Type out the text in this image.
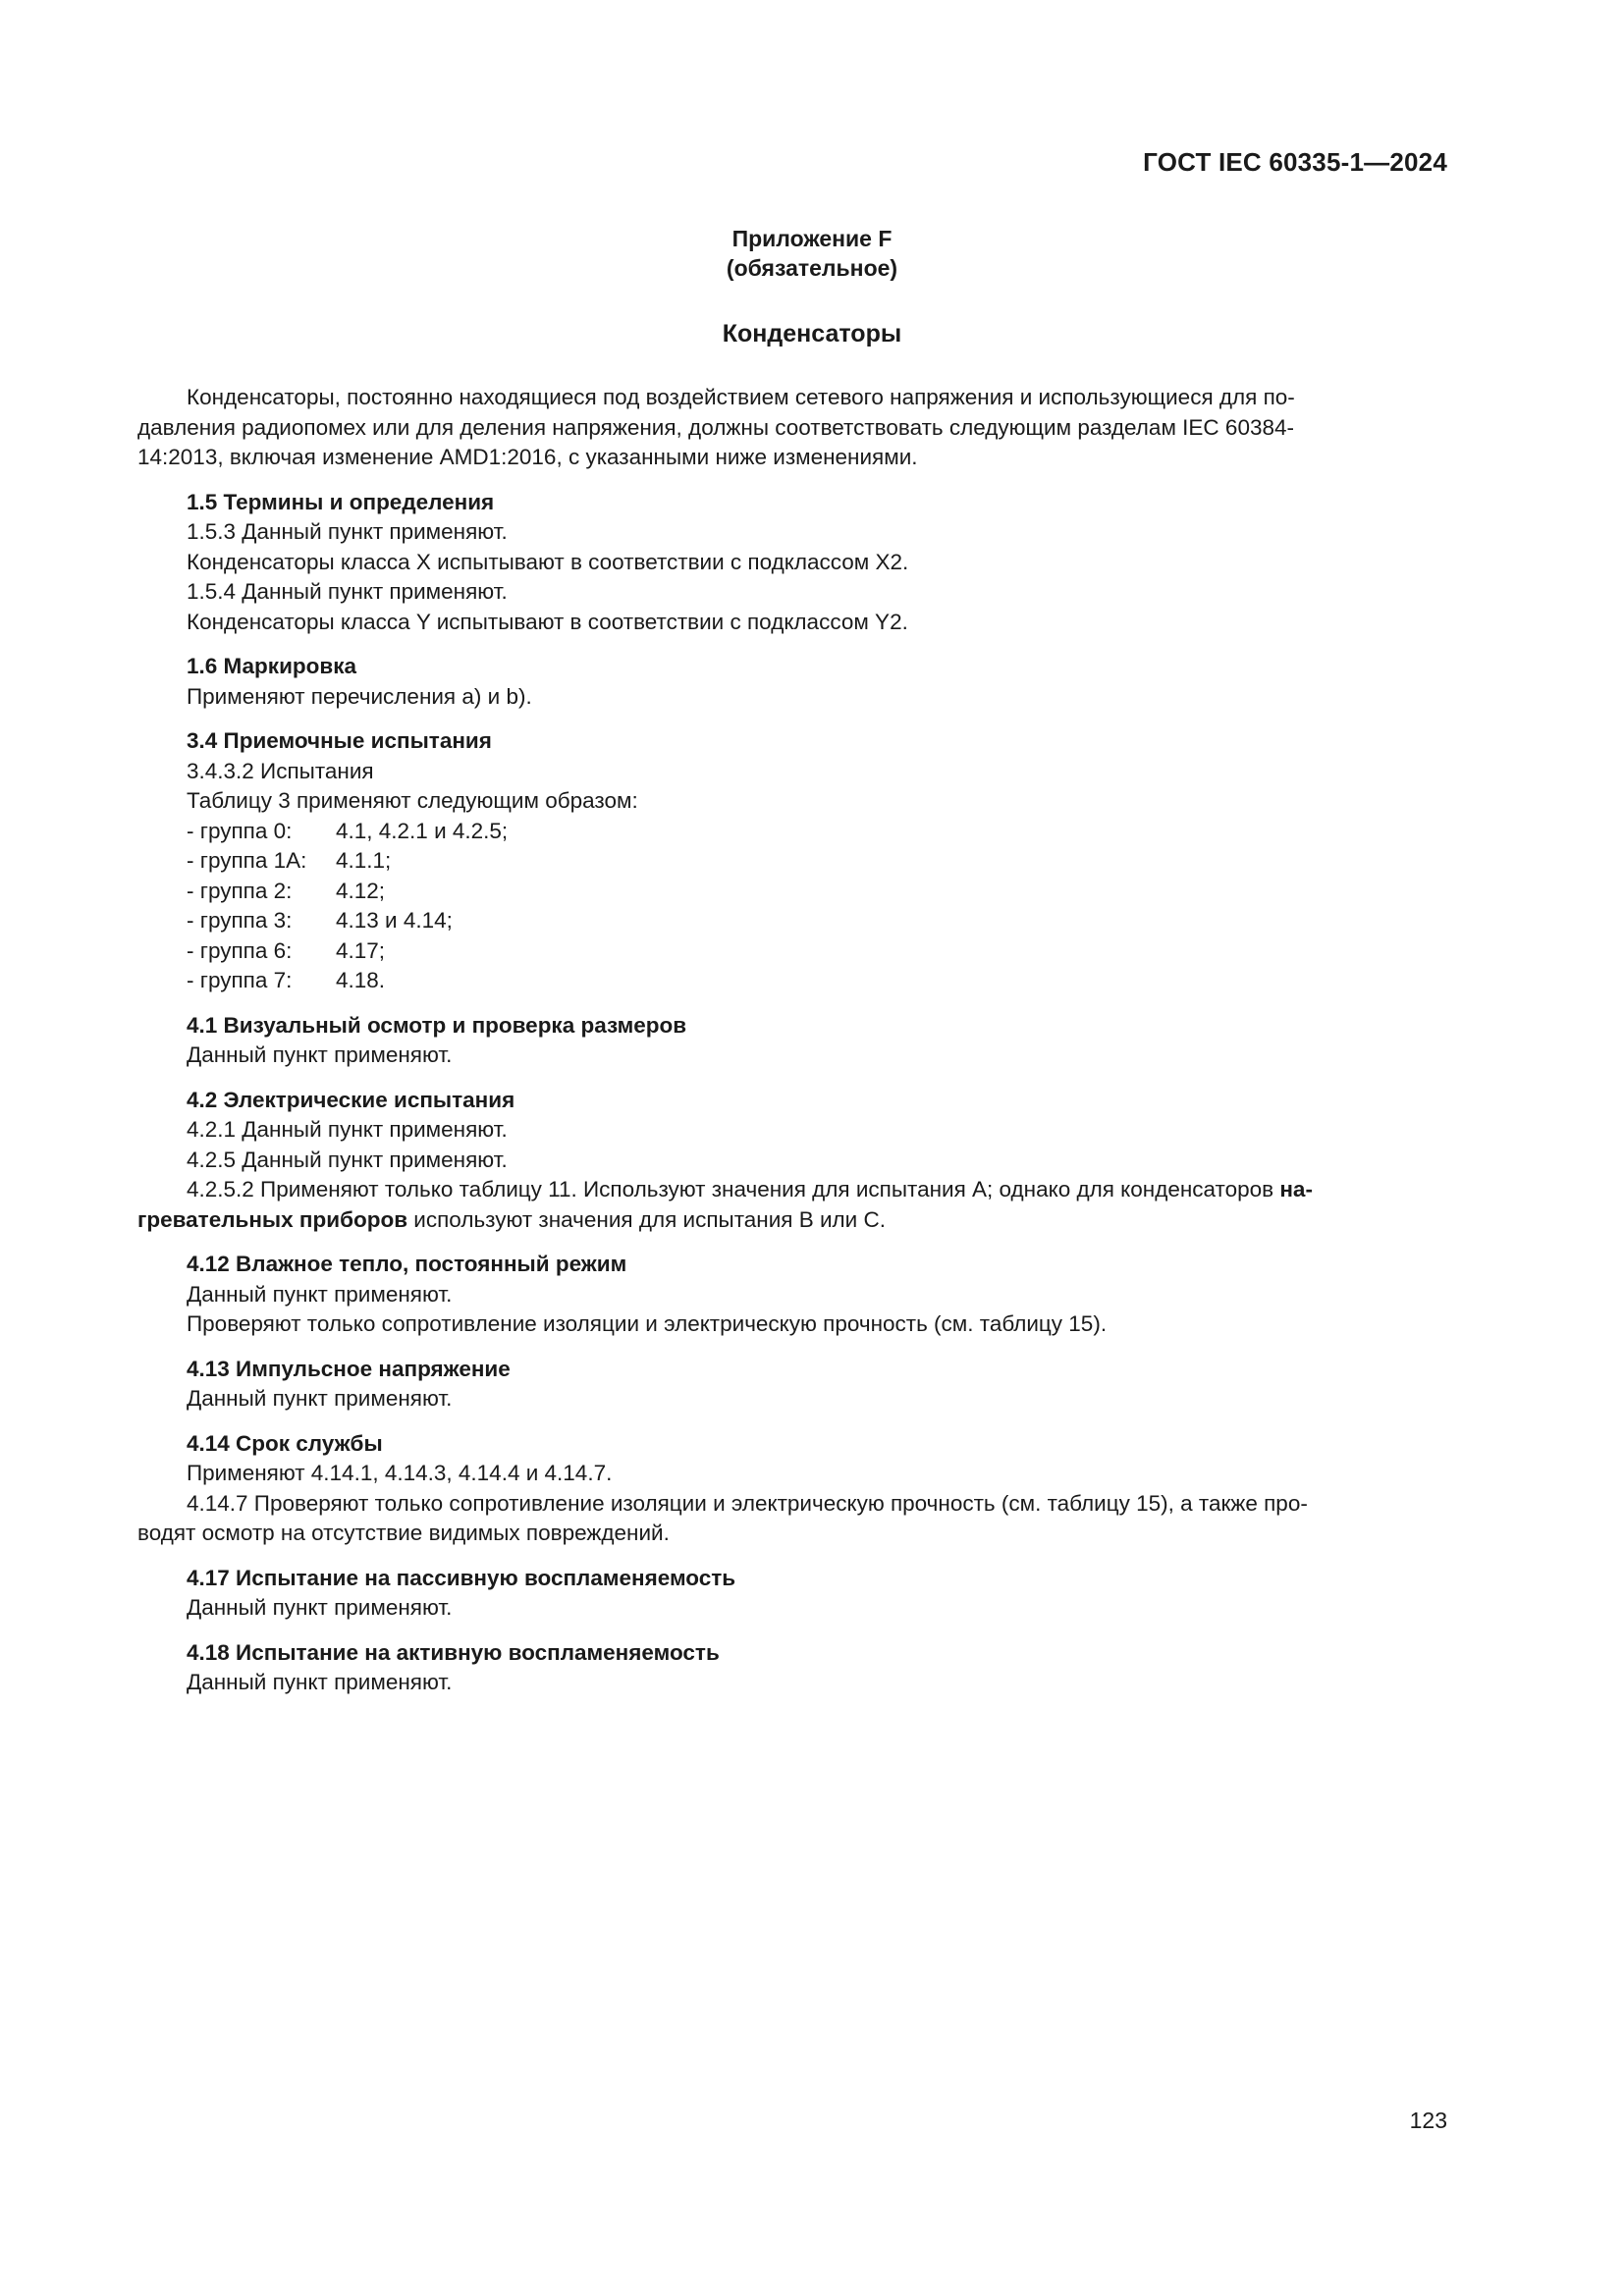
ГОСТ IEC 60335-1—2024
Приложение F
(обязательное)
Конденсаторы
Конденсаторы, постоянно находящиеся под воздействием сетевого напряжения и использующиеся для по-
давления радиопомех или для деления напряжения, должны соответствовать следующим разделам IEC 60384-
14:2013, включая изменение AMD1:2016, с указанными ниже изменениями.
1.5 Термины и определения
1.5.3 Данный пункт применяют.
Конденсаторы класса X испытывают в соответствии с подклассом X2.
1.5.4 Данный пункт применяют.
Конденсаторы класса Y испытывают в соответствии с подклассом Y2.
1.6 Маркировка
Применяют перечисления а) и b).
3.4 Приемочные испытания
3.4.3.2 Испытания
Таблицу 3 применяют следующим образом:
- группа 0:	4.1, 4.2.1 и 4.2.5;
- группа 1А:	4.1.1;
- группа 2:	4.12;
- группа 3:	4.13 и 4.14;
- группа 6:	4.17;
- группа 7:	4.18.
4.1 Визуальный осмотр и проверка размеров
Данный пункт применяют.
4.2 Электрические испытания
4.2.1 Данный пункт применяют.
4.2.5 Данный пункт применяют.
4.2.5.2 Применяют только таблицу 11. Используют значения для испытания А; однако для конденсаторов на-
гревательных приборов используют значения для испытания В или С.
4.12 Влажное тепло, постоянный режим
Данный пункт применяют.
Проверяют только сопротивление изоляции и электрическую прочность (см. таблицу 15).
4.13 Импульсное напряжение
Данный пункт применяют.
4.14 Срок службы
Применяют 4.14.1, 4.14.3, 4.14.4 и 4.14.7.
4.14.7 Проверяют только сопротивление изоляции и электрическую прочность (см. таблицу 15), а также про-
водят осмотр на отсутствие видимых повреждений.
4.17 Испытание на пассивную воспламеняемость
Данный пункт применяют.
4.18 Испытание на активную воспламеняемость
Данный пункт применяют.
123
